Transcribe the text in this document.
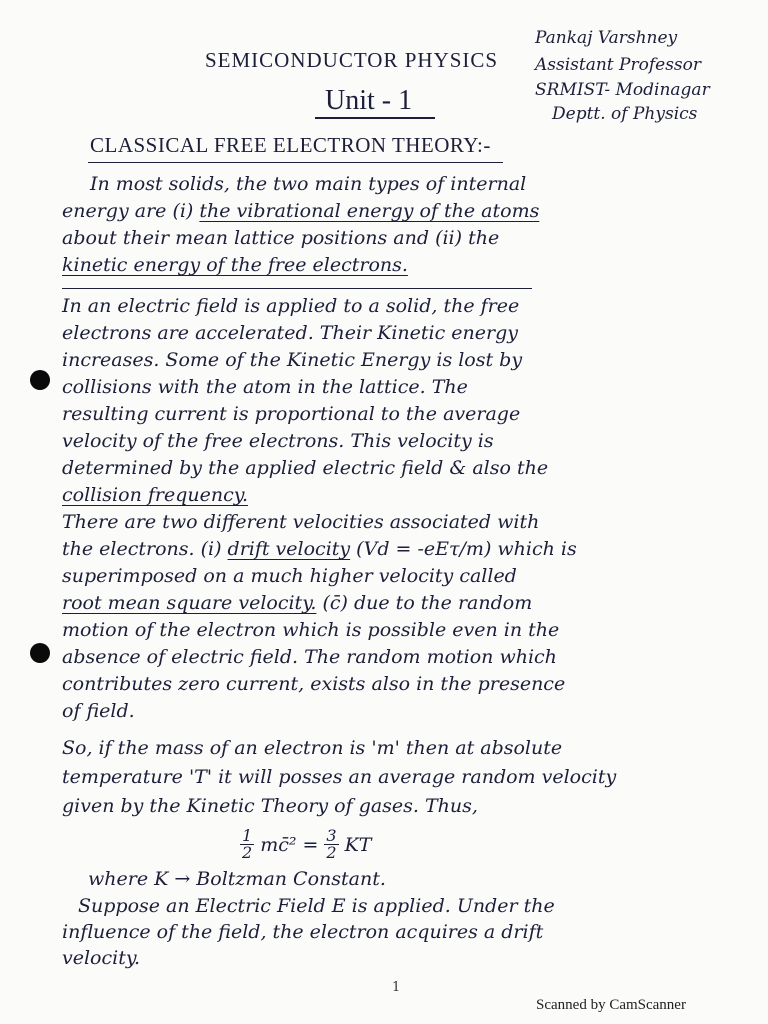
SEMICONDUCTOR PHYSICS
Unit - 1
Pankaj Varshney
Assistant Professor
SRMIST- Modinagar
Deptt. of Physics
CLASSICAL FREE ELECTRON THEORY:-
In most solids, the two main types of internal
energy are (i) the vibrational energy of the atoms
about their mean lattice positions and (ii) the
kinetic energy of the free electrons.
In an electric field is applied to a solid, the free
electrons are accelerated. Their Kinetic energy
increases. Some of the Kinetic Energy is lost by
collisions with the atom in the lattice. The
resulting current is proportional to the average
velocity of the free electrons. This velocity is
determined by the applied electric field & also the
collision frequency.
There are two different velocities associated with
the electrons. (i) drift velocity (Vd = -eEτ/m) which is
superimposed on a much higher velocity called
root mean square velocity. (c̄) due to the random
motion of the electron which is possible even in the
absence of electric field. The random motion which
contributes zero current, exists also in the presence
of field.
So, if the mass of an electron is 'm' then at absolute
temperature 'T' it will posses an average random velocity
given by the Kinetic Theory of gases. Thus,
$\frac{1}{2}$ mc̄² = $\frac{3}{2}$ KT
where K → Boltzman Constant.
Suppose an Electric Field E is applied. Under the
influence of the field, the electron acquires a drift
velocity.
1
Scanned by CamScanner
